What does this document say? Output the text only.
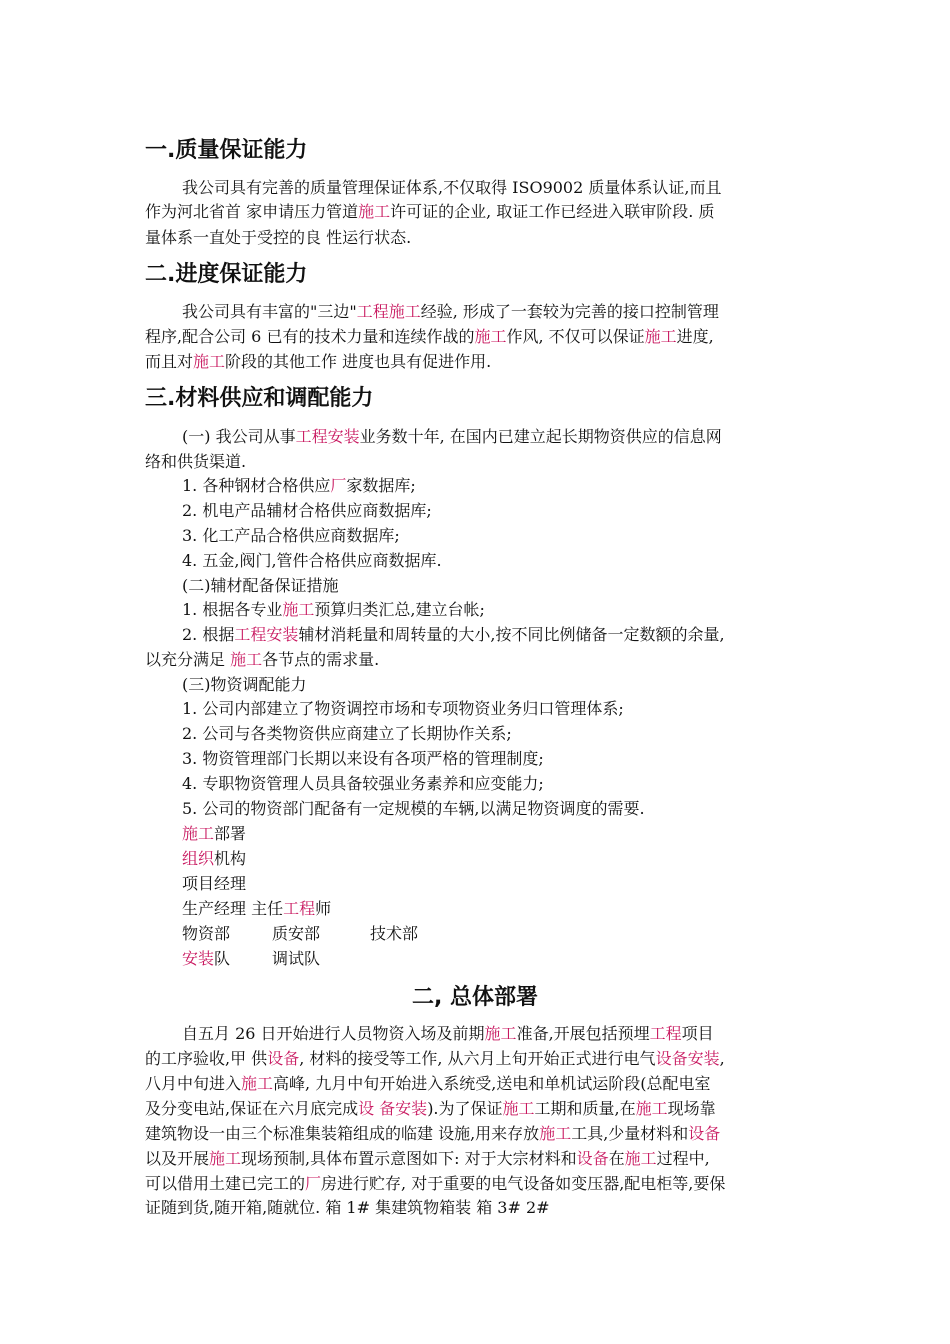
一.质量保证能力
我公司具有完善的质量管理保证体系,不仅取得 ISO9002 质量体系认证,而且
作为河北省首 家申请压力管道施工许可证的企业, 取证工作已经进入联审阶段. 质
量体系一直处于受控的良 性运行状态.
二.进度保证能力
我公司具有丰富的"三边"工程施工经验, 形成了一套较为完善的接口控制管理
程序,配合公司 6 已有的技术力量和连续作战的施工作风, 不仅可以保证施工进度,
而且对施工阶段的其他工作 进度也具有促进作用.
三.材料供应和调配能力
(一) 我公司从事工程安装业务数十年, 在国内已建立起长期物资供应的信息网
络和供货渠道.
1. 各种钢材合格供应厂家数据库;
2. 机电产品辅材合格供应商数据库;
3. 化工产品合格供应商数据库;
4. 五金,阀门,管件合格供应商数据库.
(二)辅材配备保证措施
1. 根据各专业施工预算归类汇总,建立台帐;
2. 根据工程安装辅材消耗量和周转量的大小,按不同比例储备一定数额的余量,
以充分满足 施工各节点的需求量.
(三)物资调配能力
1. 公司内部建立了物资调控市场和专项物资业务归口管理体系;
2. 公司与各类物资供应商建立了长期协作关系;
3. 物资管理部门长期以来设有各项严格的管理制度;
4. 专职物资管理人员具备较强业务素养和应变能力;
5. 公司的物资部门配备有一定规模的车辆,以满足物资调度的需要.
施工部署
组织机构
项目经理
生产经理 主任工程师
物资部	质安部	技术部
安装队	调试队
二, 总体部署
自五月 26 日开始进行人员物资入场及前期施工准备,开展包括预埋工程项目
的工序验收,甲 供设备, 材料的接受等工作, 从六月上旬开始正式进行电气设备安装,
八月中旬进入施工高峰, 九月中旬开始进入系统受,送电和单机试运阶段(总配电室
及分变电站,保证在六月底完成设 备安装).为了保证施工工期和质量,在施工现场靠
建筑物设一由三个标准集装箱组成的临建 设施,用来存放施工工具,少量材料和设备
以及开展施工现场预制,具体布置示意图如下: 对于大宗材料和设备在施工过程中,
可以借用土建已完工的厂房进行贮存, 对于重要的电气设备如变压器,配电柜等,要保
证随到货,随开箱,随就位. 箱 1# 集建筑物箱装 箱 3# 2#
